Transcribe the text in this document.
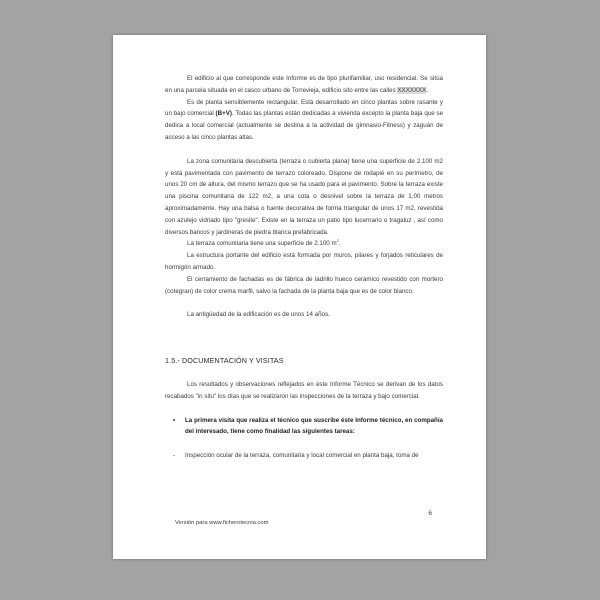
El edificio al que corresponde este Informe es de tipo plurifamiliar, uso residencial. Se sitúa en una parcela situada en el casco urbano de Torrevieja, edificio sito entre las calles XXXXXXX.

Es de planta sensiblemente rectangular. Está desarrollado en cinco plantas sobre rasante y un bajo comercial (B+V). Todas las plantas están dedicadas a vivienda excepto la planta baja que se dedica a local comercial (actualmente se destina a la actividad de gimnasio-Fitness) y zaguán de acceso a las cinco plantas altas.

La zona comunitaria descubierta (terraza o cubierta plana) tiene una superficie de 2.100 m2 y está pavimentada con pavimento de terrazo coloreado. Dispone de rodapié en su perímetro, de unos 20 cm de altura, del mismo terrazo que se ha usado para el pavimento. Sobre la terraza existe una piscina comunitaria de 122 m2, a una cota o desnivel sobre la terraza de 1,00 metros aproximadamente. Hay una balsa o fuente decorativa de forma triangular de unos 17 m2, revestida con azulejo vidriado tipo "gresite". Existe en la terraza un patio tipo lucernario o tragaluz , así como diversos bancos y jardineras de piedra blanca prefabricada.

La terraza comunitaria tiene una superficie de 2.100 $m^2$.

La estructura portante del edificio está formada por muros, pilares y forjados reticulares de hormigón armado.

El cerramiento de fachadas es de fábrica de ladrillo hueco cerámico revestido con mortero (cotegran) de color crema marfil, salvo la fachada de la planta baja que es de color blanco.

La antigüedad de la edificación es de unos 14 años.

1.5.- DOCUMENTACIÓN Y VISITAS

Los resultados y observaciones reflejados en éste Informe Técnico se derivan de los datos recabados "in situ" los días que se realizaron las inspecciones de la terraza y bajo comercial.

•	La primera visita que realiza el técnico que suscribe éste Informe técnico, en compañía del interesado, tiene como finalidad las siguientes tareas:
-	Inspección ocular de la terraza, comunitaria y local comercial en planta baja, toma de
6
Versión para www.ficherotecnia.com
